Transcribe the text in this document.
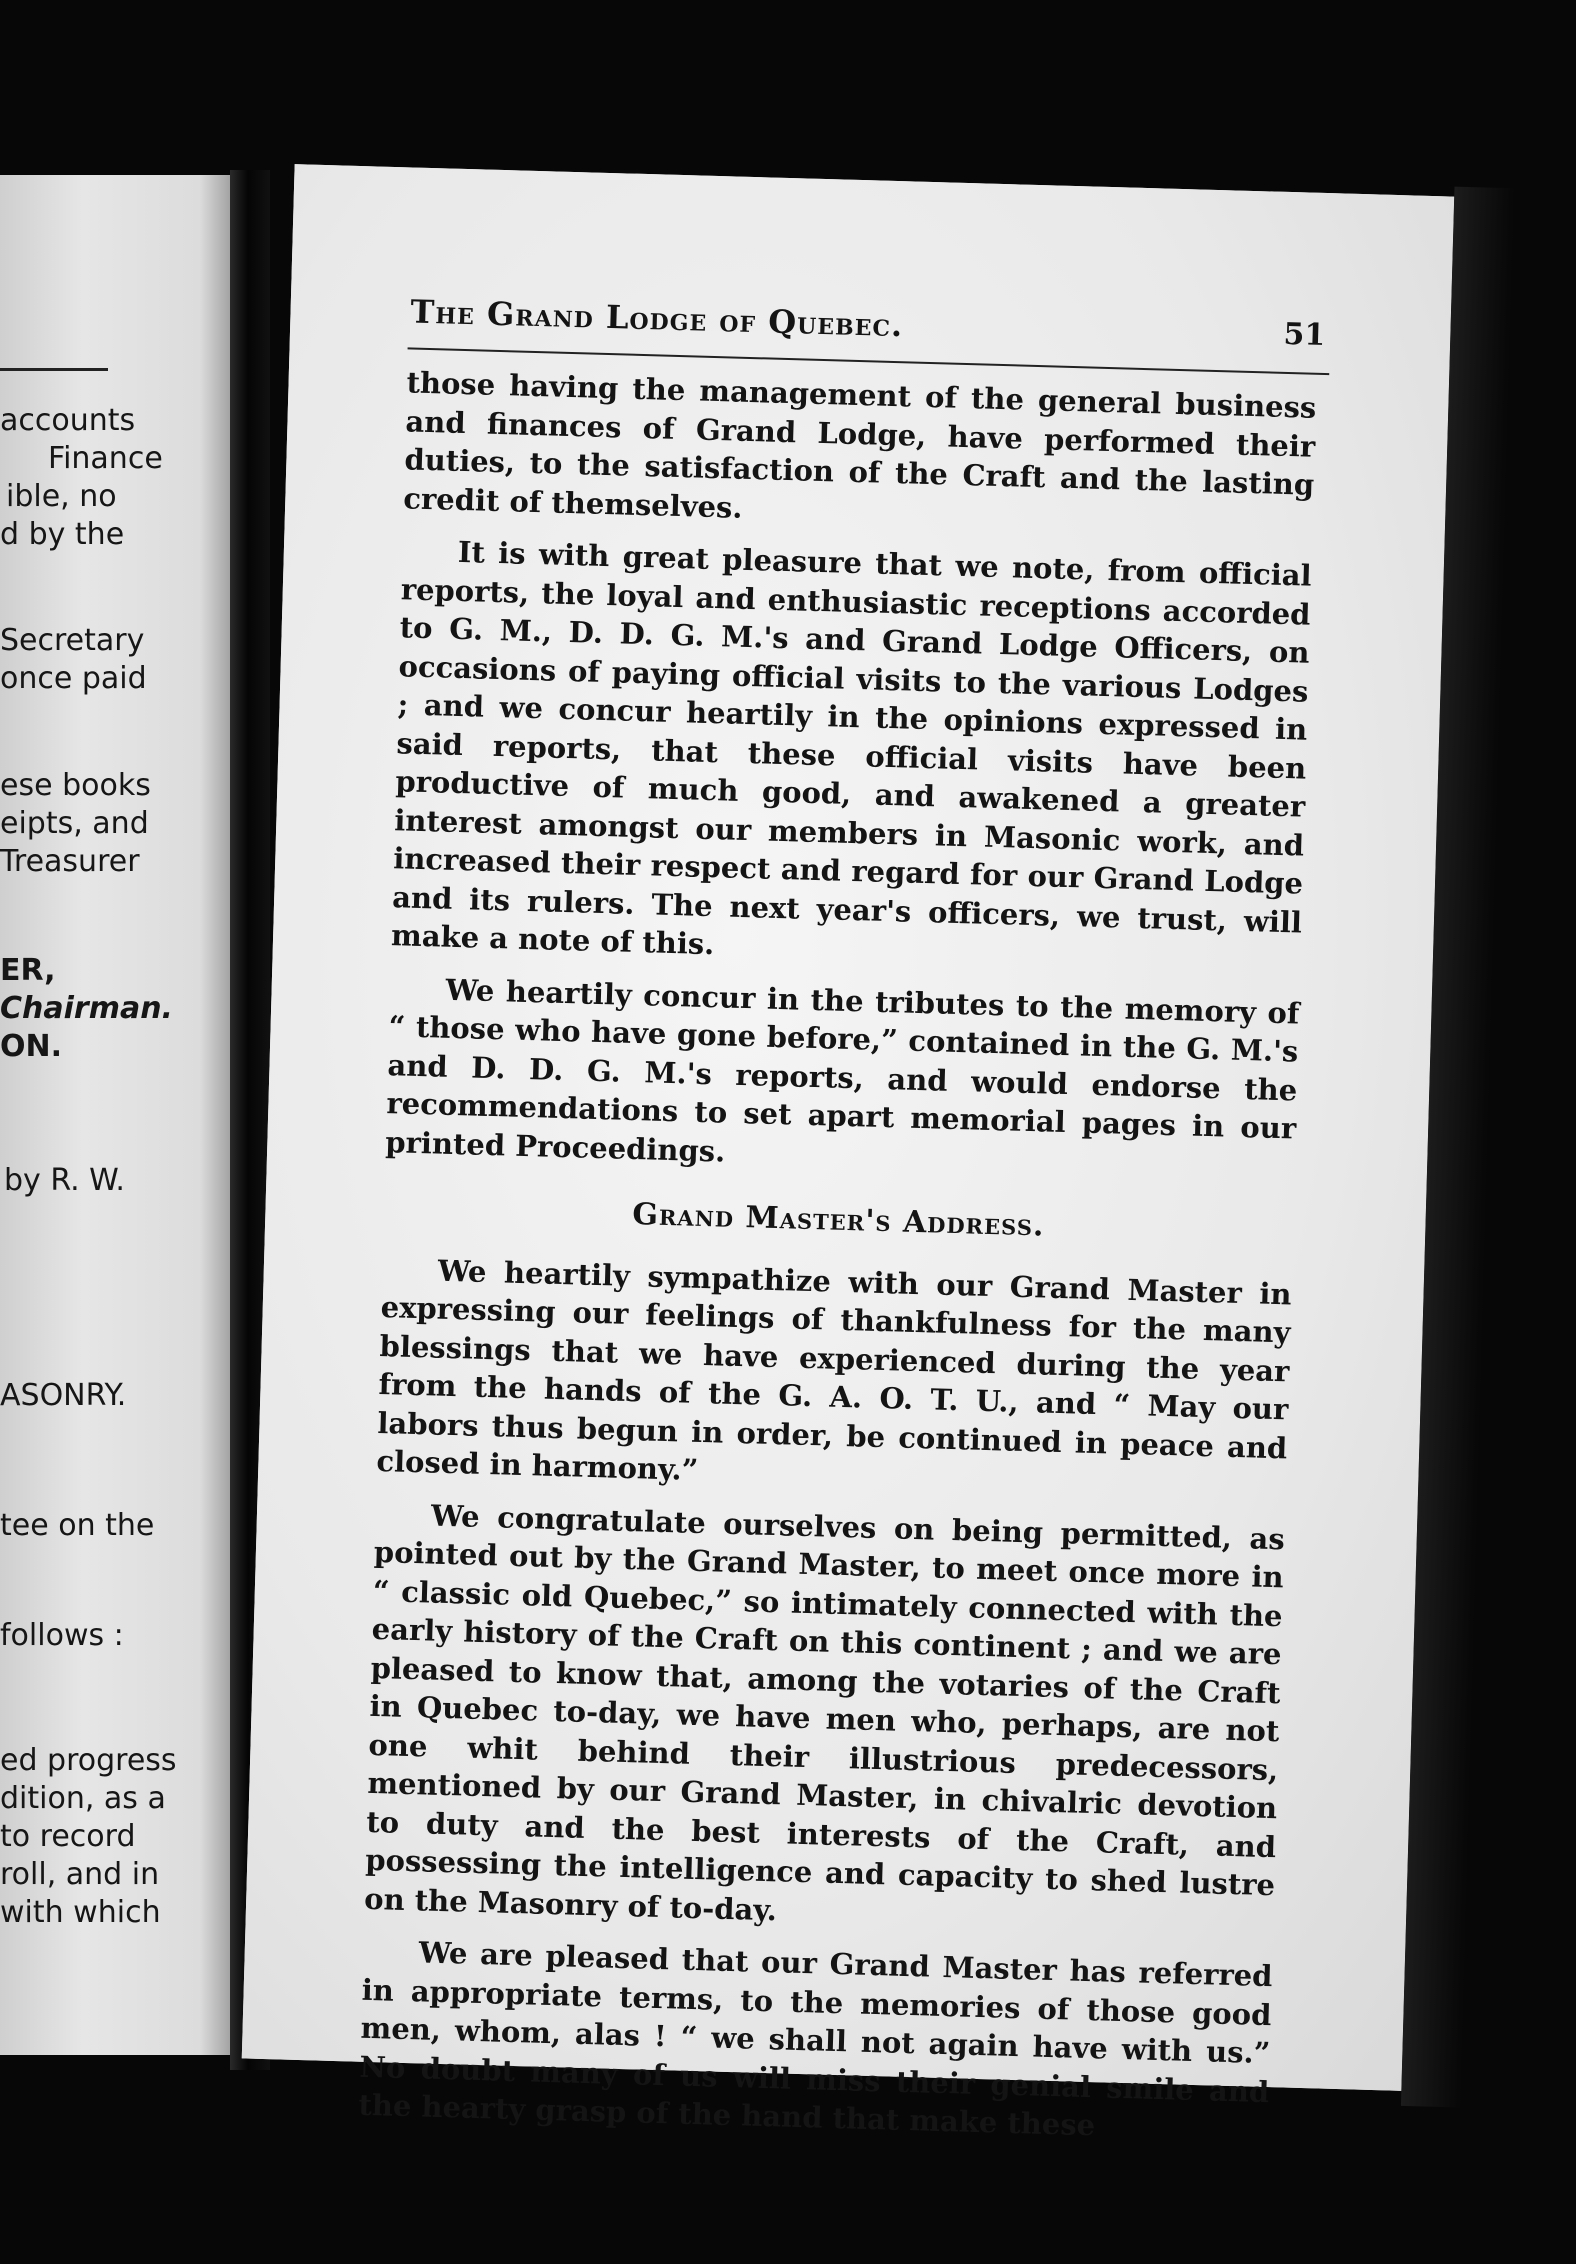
accounts
Finance
ible, no
d by the
Secretary
once paid
ese books
eipts, and
Treasurer
ER,
Chairman.
ON.
by R. W.
ASONRY.
tee on the
follows :
ed progress
dition, as a
to record
roll, and in
with which
The Grand Lodge of Quebec.	51

those having the management of the general business and finances of Grand Lodge, have performed their duties, to the satisfaction of the Craft and the lasting credit of themselves.

It is with great pleasure that we note, from official reports, the loyal and enthusiastic receptions accorded to G. M., D. D. G. M.'s and Grand Lodge Officers, on occasions of paying official visits to the various Lodges ; and we concur heartily in the opinions expressed in said reports, that these official visits have been productive of much good, and awakened a greater interest amongst our members in Masonic work, and increased their respect and regard for our Grand Lodge and its rulers. The next year's officers, we trust, will make a note of this.

We heartily concur in the tributes to the memory of “ those who have gone before,” contained in the G. M.'s and D. D. G. M.'s reports, and would endorse the recommendations to set apart memorial pages in our printed Proceedings.

Grand Master's Address.

We heartily sympathize with our Grand Master in expressing our feelings of thankfulness for the many blessings that we have experienced during the year from the hands of the G. A. O. T. U., and “ May our labors thus begun in order, be continued in peace and closed in harmony.”

We congratulate ourselves on being permitted, as pointed out by the Grand Master, to meet once more in “ classic old Quebec,” so intimately connected with the early history of the Craft on this continent ; and we are pleased to know that, among the votaries of the Craft in Quebec to-day, we have men who, perhaps, are not one whit behind their illustrious predecessors, mentioned by our Grand Master, in chivalric devotion to duty and the best interests of the Craft, and possessing the intelligence and capacity to shed lustre on the Masonry of to-day.

We are pleased that our Grand Master has referred in appropriate terms, to the memories of those good men, whom, alas ! “ we shall not again have with us.” No doubt many of us will miss their genial smile and the hearty grasp of the hand that make these
